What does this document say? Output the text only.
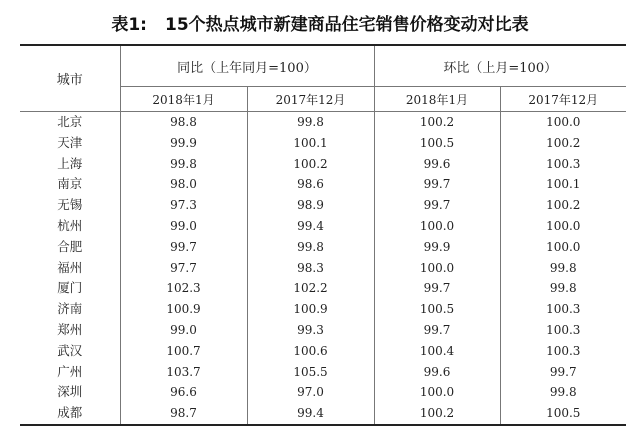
表1: 15个热点城市新建商品住宅销售价格变动对比表
城市	同比（上年同月=100）		环比（上月=100）	
	2018年1月	2017年12月	2018年1月	2017年12月
北京	98.8	99.8	100.2	100.0
天津	99.9	100.1	100.5	100.2
上海	99.8	100.2	99.6	100.3
南京	98.0	98.6	99.7	100.1
无锡	97.3	98.9	99.7	100.2
杭州	99.0	99.4	100.0	100.0
合肥	99.7	99.8	99.9	100.0
福州	97.7	98.3	100.0	99.8
厦门	102.3	102.2	99.7	99.8
济南	100.9	100.9	100.5	100.3
郑州	99.0	99.3	99.7	100.3
武汉	100.7	100.6	100.4	100.3
广州	103.7	105.5	99.6	99.7
深圳	96.6	97.0	100.0	99.8
成都	98.7	99.4	100.2	100.5
